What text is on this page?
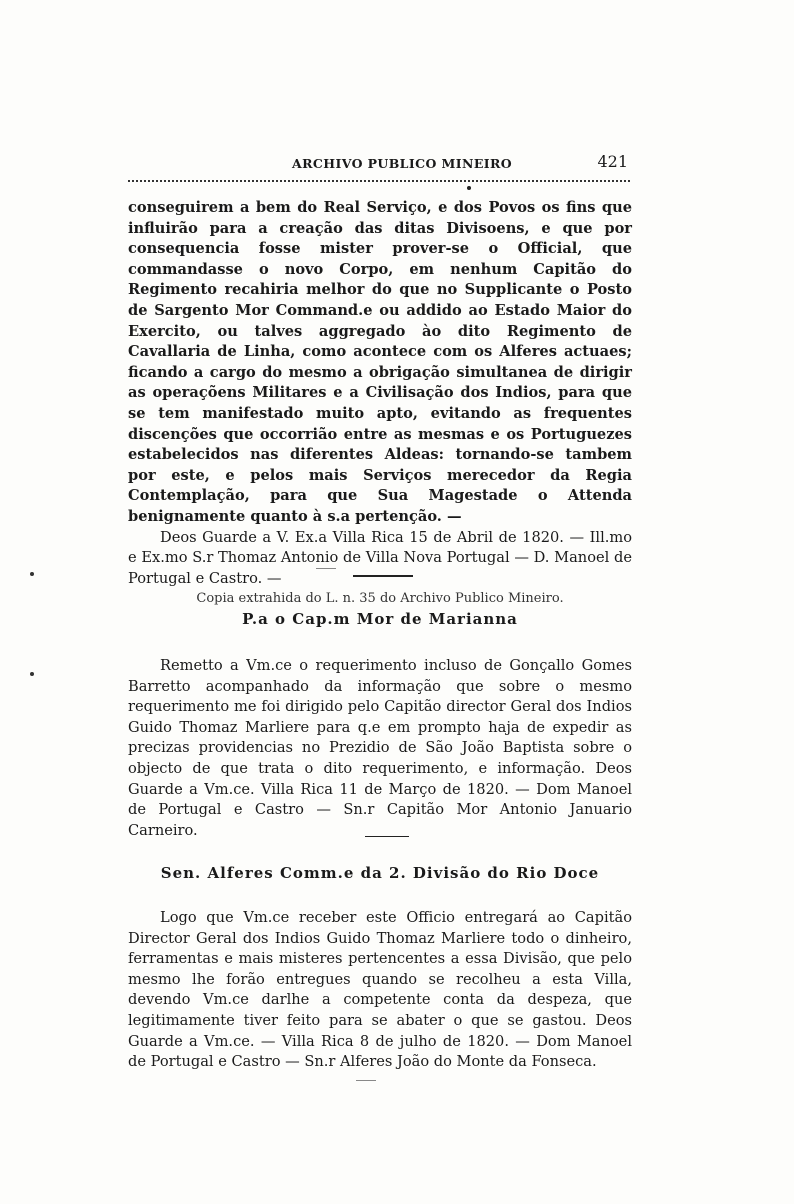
ARCHIVO PUBLICO MINEIRO	421

conseguirem a bem do Real Serviço, e dos Povos os fins que influirão para a creação das ditas Divisoens, e que por consequencia fosse mister prover-se o Official, que commandasse o novo Corpo, em nenhum Capitão do Regimento recahiria melhor do que no Supplicante o Posto de Sargento Mor Command.e ou addido ao Estado Maior do Exercito, ou talves aggregado ào dito Regimento de Cavallaria de Linha, como acontece com os Alferes actuaes; ficando a cargo do mesmo a obrigação simultanea de dirigir as operaçõens Militares e a Civilisação dos Indios, para que se tem manifestado muito apto, evitando as frequentes discenções que occorrião entre as mesmas e os Portuguezes estabelecidos nas diferentes Aldeas: tornando-se tambem por este, e pelos mais Serviços merecedor da Regia Contemplação, para que Sua Magestade o Attenda benignamente quanto à s.a pertenção. —

Deos Guarde a V. Ex.a Villa Rica 15 de Abril de 1820. — Ill.mo e Ex.mo S.r Thomaz Antonio de Villa Nova Portugal — D. Manoel de Portugal e Castro. —

Copia extrahida do L. n. 35 do Archivo Publico Mineiro.

P.a o Cap.m Mor de Marianna

Remetto a Vm.ce o requerimento incluso de Gonçallo Gomes Barretto acompanhado da informação que sobre o mesmo requerimento me foi dirigido pelo Capitão director Geral dos Indios Guido Thomaz Marliere para q.e em prompto haja de expedir as precizas providencias no Prezidio de São João Baptista sobre o objecto de que trata o dito requerimento, e informação. Deos Guarde a Vm.ce. Villa Rica 11 de Março de 1820. — Dom Manoel de Portugal e Castro — Sn.r Capitão Mor Antonio Januario Carneiro.

Sen. Alferes Comm.e da 2. Divisão do Rio Doce

Logo que Vm.ce receber este Officio entregará ao Capitão Director Geral dos Indios Guido Thomaz Marliere todo o dinheiro, ferramentas e mais misteres pertencentes a essa Divisão, que pelo mesmo lhe forão entregues quando se recolheu a esta Villa, devendo Vm.ce darlhe a competente conta da despeza, que legitimamente tiver feito para se abater o que se gastou. Deos Guarde a Vm.ce. — Villa Rica 8 de julho de 1820. — Dom Manoel de Portugal e Castro — Sn.r Alferes João do Monte da Fonseca.
